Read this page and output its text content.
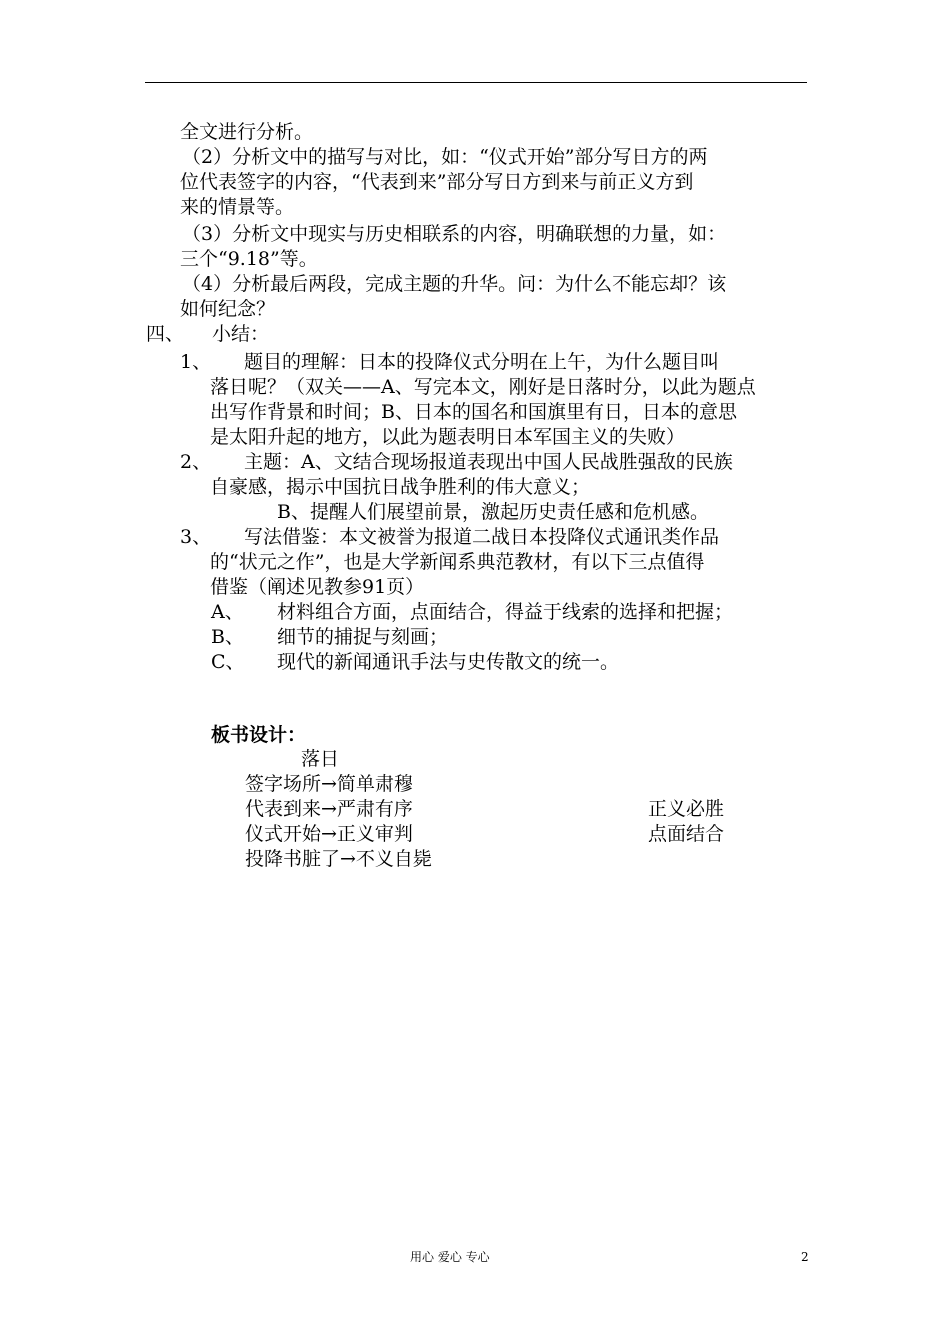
全文进行分析。
（2）分析文中的描写与对比，如：“仪式开始”部分写日方的两
位代表签字的内容，“代表到来”部分写日方到来与前正义方到
来的情景等。
（3）分析文中现实与历史相联系的内容，明确联想的力量，如：
三个“9.18”等。
（4）分析最后两段，完成主题的升华。问：为什么不能忘却？该
如何纪念？
四、 小结：
1、 题目的理解：日本的投降仪式分明在上午，为什么题目叫
落日呢？（双关——A、写完本文，刚好是日落时分，以此为题点
出写作背景和时间；B、日本的国名和国旗里有日，日本的意思
是太阳升起的地方，以此为题表明日本军国主义的失败）
2、 主题：A、文结合现场报道表现出中国人民战胜强敌的民族
自豪感，揭示中国抗日战争胜利的伟大意义；
B、提醒人们展望前景，激起历史责任感和危机感。
3、 写法借鉴：本文被誉为报道二战日本投降仪式通讯类作品
的“状元之作”，也是大学新闻系典范教材，有以下三点值得
借鉴（阐述见教参91页）
A、 材料组合方面，点面结合，得益于线索的选择和把握；
B、 细节的捕捉与刻画；
C、 现代的新闻通讯手法与史传散文的统一。
板书设计：
落日
签字场所→简单肃穆
代表到来→严肃有序
仪式开始→正义审判
投降书脏了→不义自毙
正义必胜
点面结合
用心 爱心 专心	2
